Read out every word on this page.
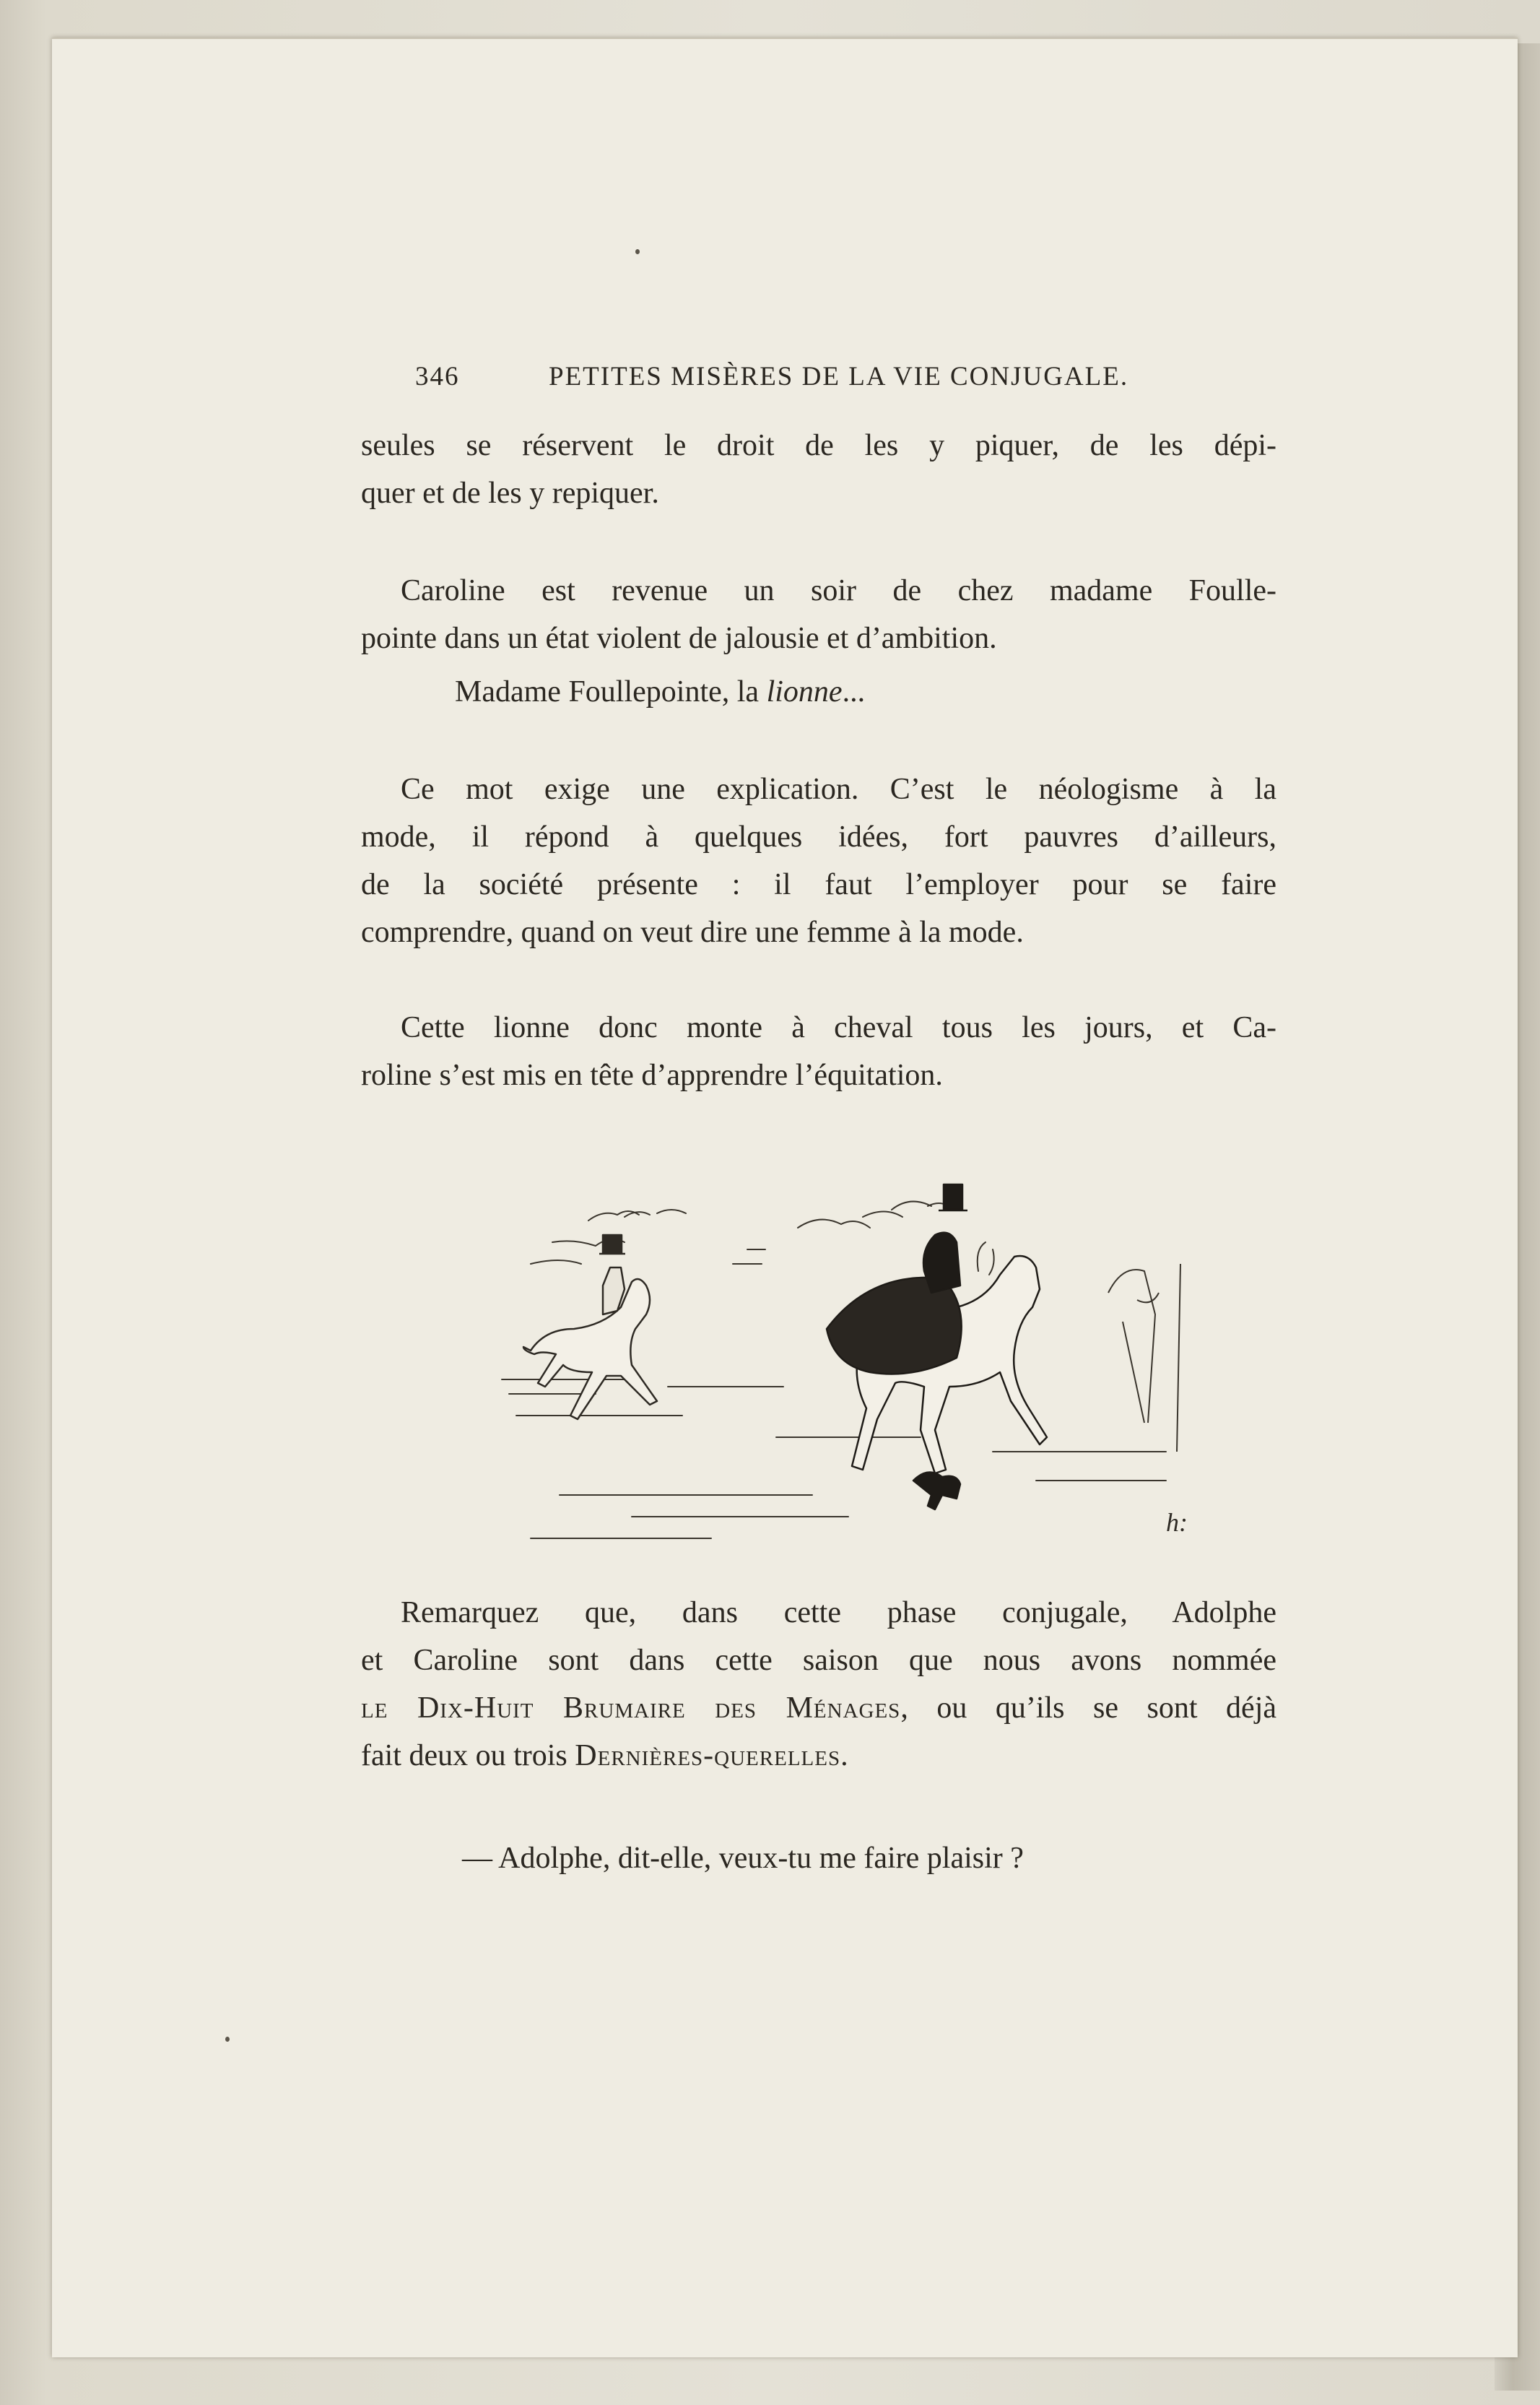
346	PETITES MISÈRES DE LA VIE CONJUGALE.
seules se réservent le droit de les y piquer, de les dépi-
quer et de les y repiquer.
Caroline est revenue un soir de chez madame Foulle-
pointe dans un état violent de jalousie et d’ambition.
Madame Foullepointe, la lionne...
Ce mot exige une explication. C’est le néologisme à la
mode, il répond à quelques idées, fort pauvres d’ailleurs,
de la société présente : il faut l’employer pour se faire
comprendre, quand on veut dire une femme à la mode.
Cette lionne donc monte à cheval tous les jours, et Ca-
roline s’est mis en tête d’apprendre l’équitation.
h:
Remarquez que, dans cette phase conjugale, Adolphe
et Caroline sont dans cette saison que nous avons nommée
le Dix-Huit Brumaire des Ménages, ou qu’ils se sont déjà
fait deux ou trois Dernières-querelles.
— Adolphe, dit-elle, veux-tu me faire plaisir ?
